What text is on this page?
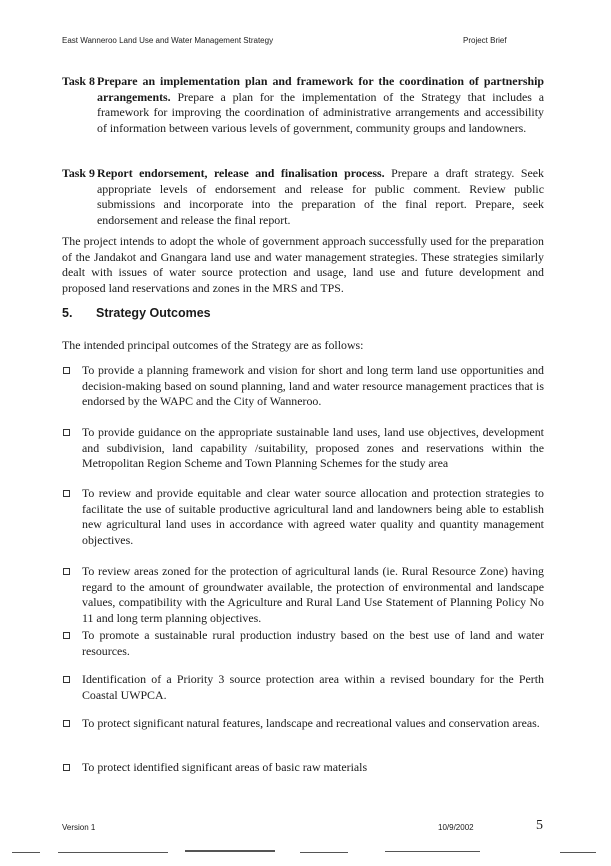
East Wanneroo Land Use and Water Management Strategy	Project Brief
Task 8 Prepare an implementation plan and framework for the coordination of partnership arrangements. Prepare a plan for the implementation of the Strategy that includes a framework for improving the coordination of administrative arrangements and accessibility of information between various levels of government, community groups and landowners.
Task 9 Report endorsement, release and finalisation process. Prepare a draft strategy. Seek appropriate levels of endorsement and release for public comment. Review public submissions and incorporate into the preparation of the final report. Prepare, seek endorsement and release the final report.

The project intends to adopt the whole of government approach successfully used for the preparation of the Jandakot and Gnangara land use and water management strategies. These strategies similarly dealt with issues of water source protection and usage, land use and future development and proposed land reservations and zones in the MRS and TPS.

5. Strategy Outcomes
The intended principal outcomes of the Strategy are as follows:
To provide a planning framework and vision for short and long term land use opportunities and decision-making based on sound planning, land and water resource management practices that is endorsed by the WAPC and the City of Wanneroo.
To provide guidance on the appropriate sustainable land uses, land use objectives, development and subdivision, land capability /suitability, proposed zones and reservations within the Metropolitan Region Scheme and Town Planning Schemes for the study area
To review and provide equitable and clear water source allocation and protection strategies to facilitate the use of suitable productive agricultural land and landowners being able to establish new agricultural land uses in accordance with agreed water quality and quantity management objectives.
To review areas zoned for the protection of agricultural lands (ie. Rural Resource Zone) having regard to the amount of groundwater available, the protection of environmental and landscape values, compatibility with the Agriculture and Rural Land Use Statement of Planning Policy No 11 and long term planning objectives.
To promote a sustainable rural production industry based on the best use of land and water resources.
Identification of a Priority 3 source protection area within a revised boundary for the Perth Coastal UWPCA.
To protect significant natural features, landscape and recreational values and conservation areas.
To protect identified significant areas of basic raw materials
Version 1	10/9/2002	5
